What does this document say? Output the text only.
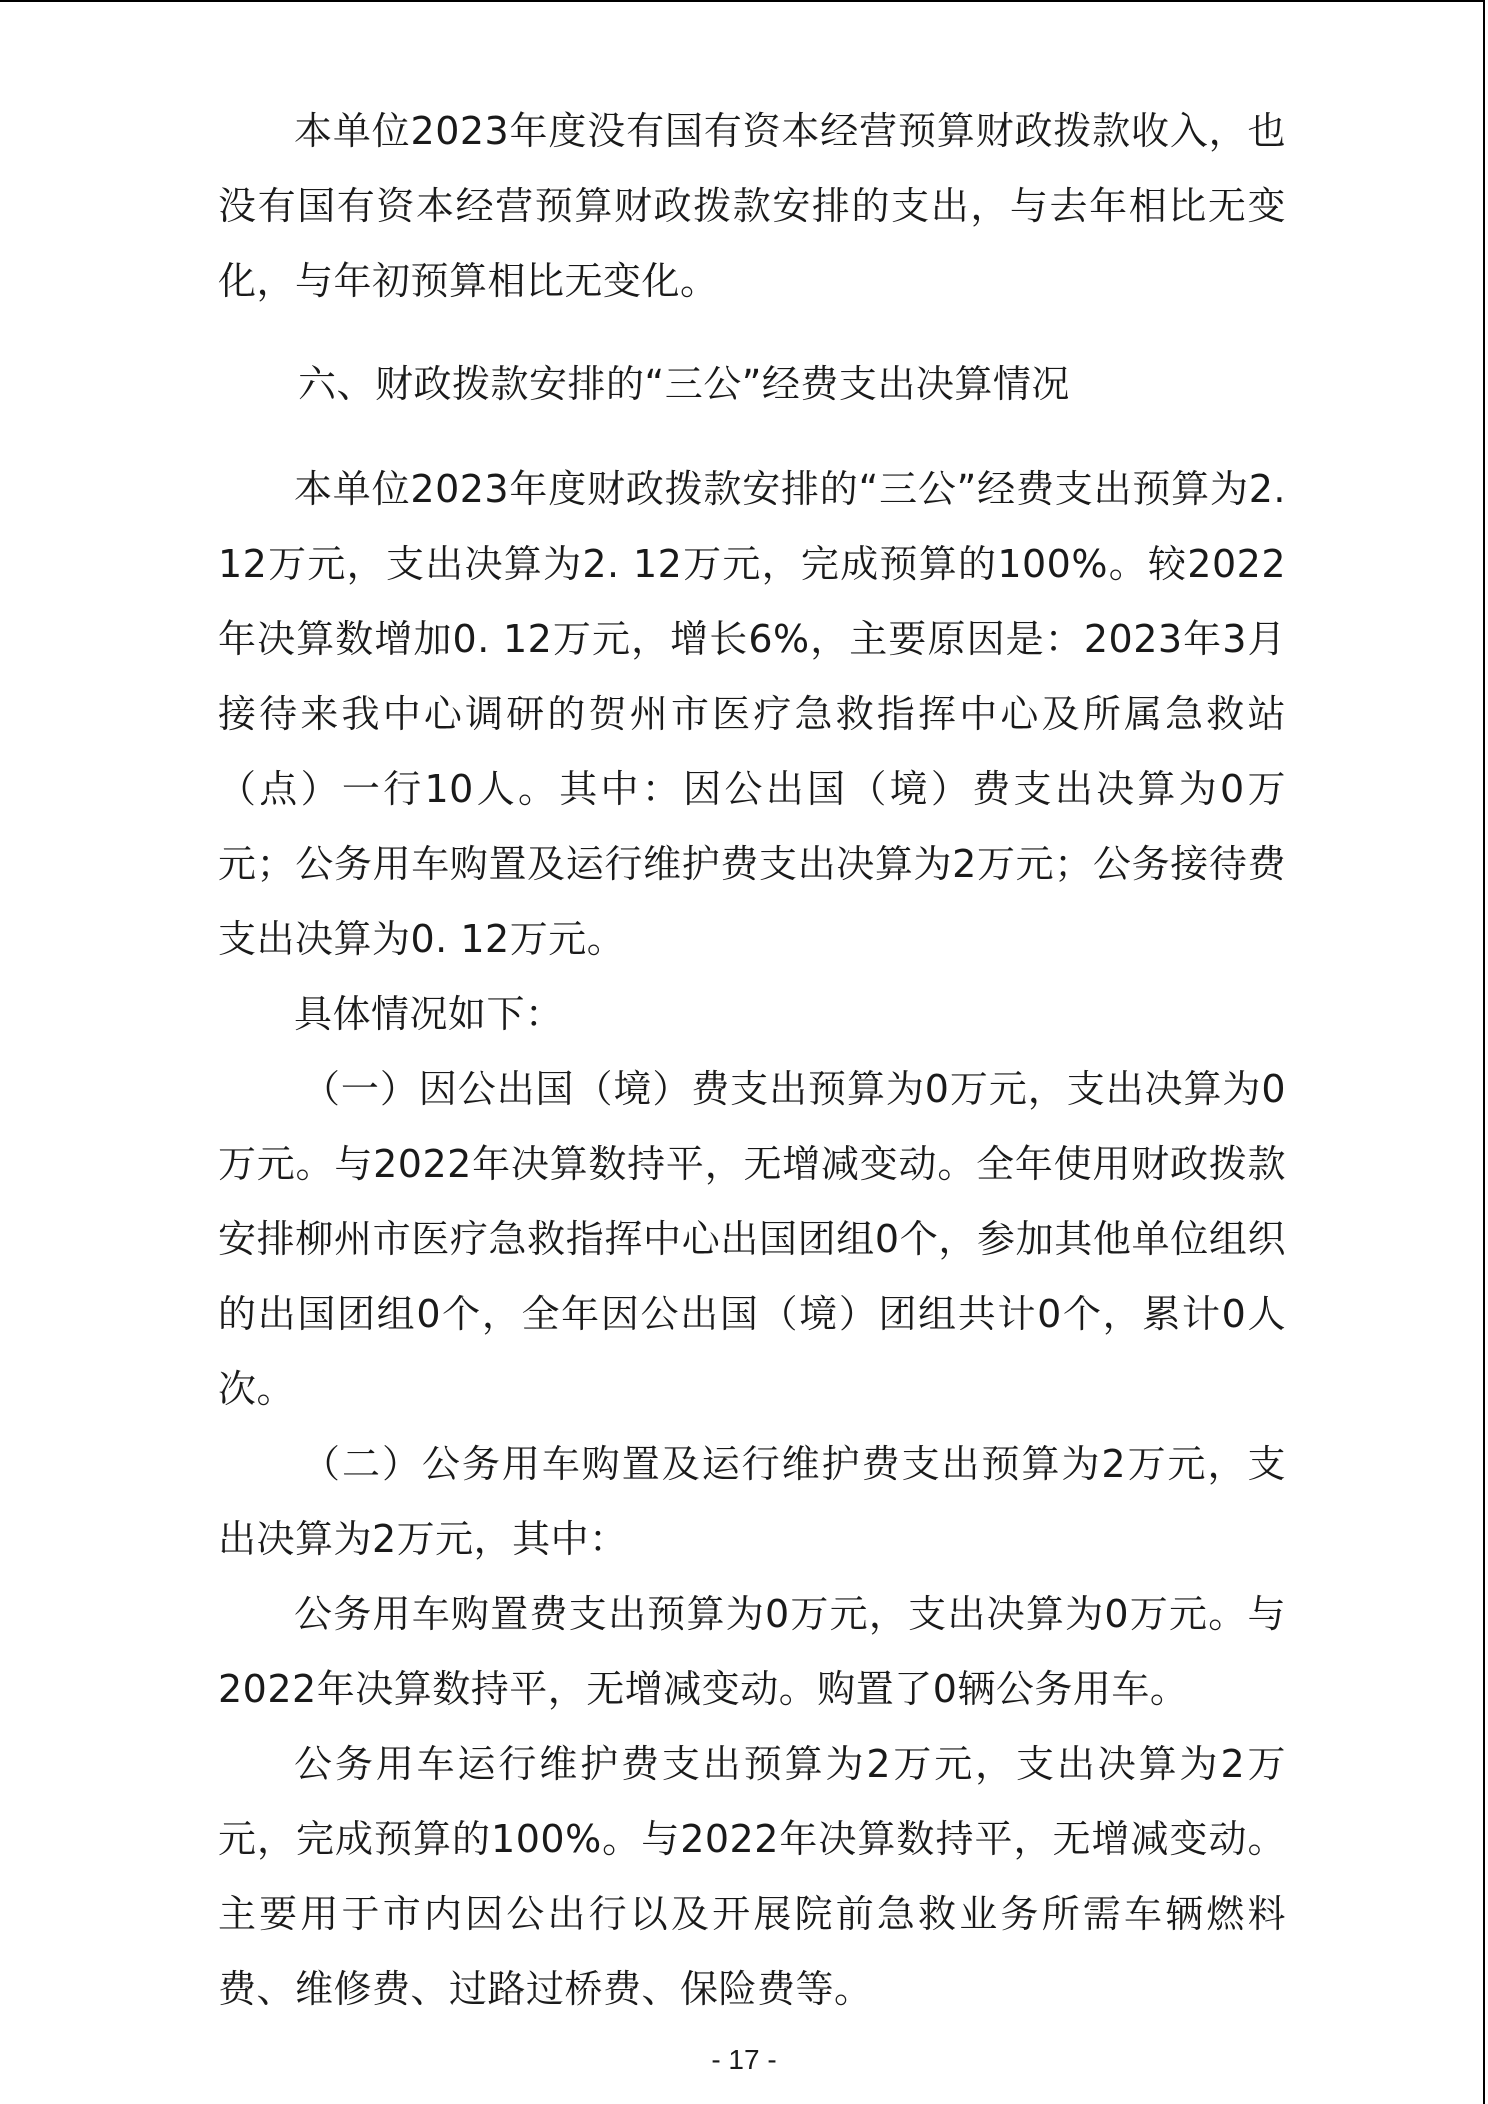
本单位2023年度没有国有资本经营预算财政拨款收入，也没有国有资本经营预算财政拨款安排的支出，与去年相比无变化，与年初预算相比无变化。

六、财政拨款安排的“三公”经费支出决算情况

本单位2023年度财政拨款安排的“三公”经费支出预算为2. 12万元，支出决算为2. 12万元，完成预算的100%。较2022年决算数增加0. 12万元，增长6%，主要原因是：2023年3月接待来我中心调研的贺州市医疗急救指挥中心及所属急救站（点）一行10人。其中：因公出国（境）费支出决算为0万元；公务用车购置及运行维护费支出决算为2万元；公务接待费支出决算为0. 12万元。

具体情况如下：

（一）因公出国（境）费支出预算为0万元，支出决算为0万元。与2022年决算数持平，无增减变动。全年使用财政拨款安排柳州市医疗急救指挥中心出国团组0个，参加其他单位组织的出国团组0个，全年因公出国（境）团组共计0个，累计0人次。

（二）公务用车购置及运行维护费支出预算为2万元，支出决算为2万元，其中：

公务用车购置费支出预算为0万元，支出决算为0万元。与2022年决算数持平，无增减变动。购置了0辆公务用车。

公务用车运行维护费支出预算为2万元，支出决算为2万元，完成预算的100%。与2022年决算数持平，无增减变动。主要用于市内因公出行以及开展院前急救业务所需车辆燃料费、维修费、过路过桥费、保险费等。

- 17 -
